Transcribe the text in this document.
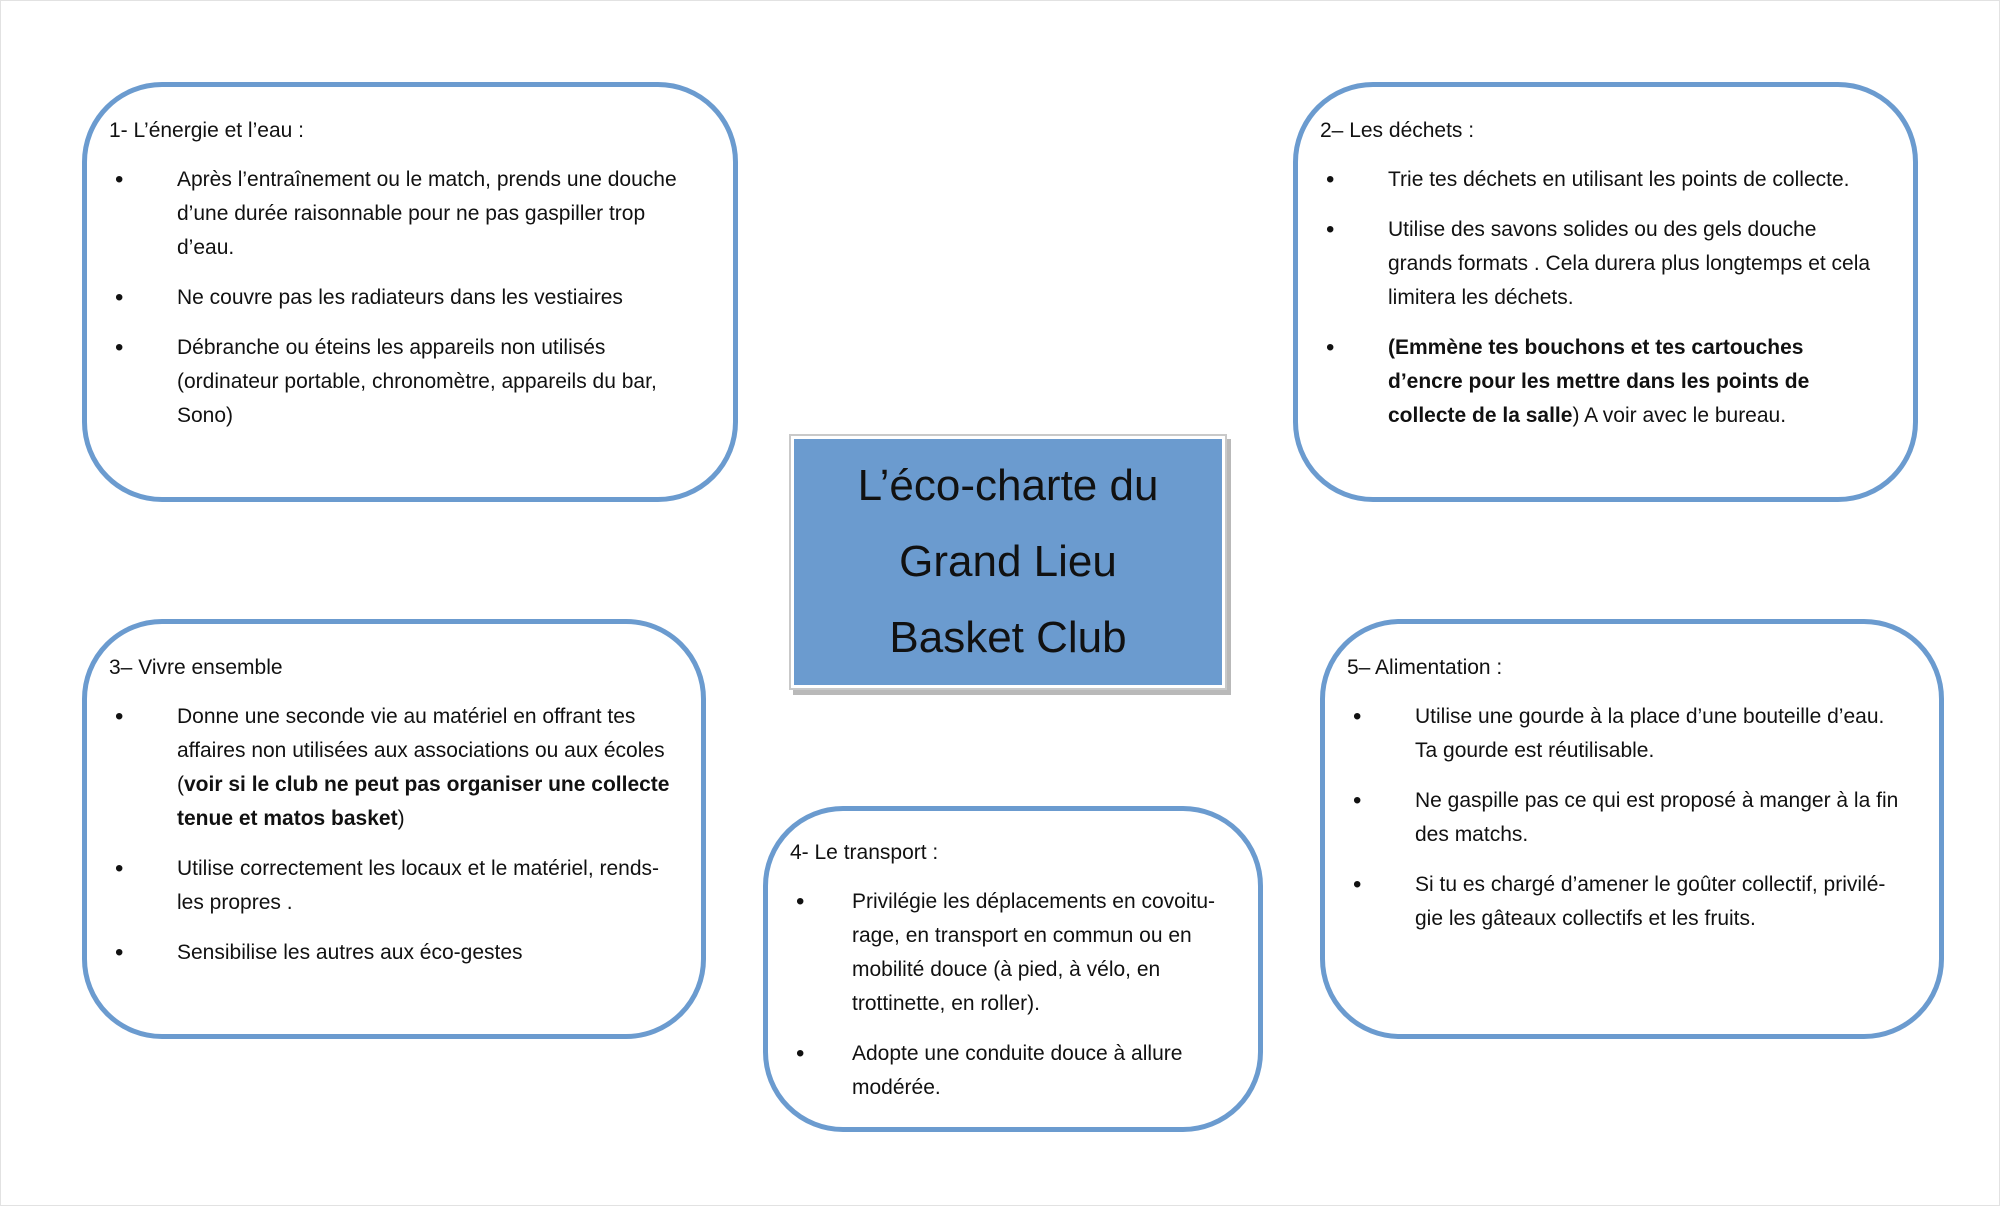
1- L’énergie et l’eau :

•	Après l’entraînement ou le match, prends une douche d’une durée raisonnable pour ne pas gaspiller trop d’eau.
•	Ne couvre pas les radiateurs dans les vestiaires
•	Débranche ou éteins les appareils non utilisés (ordinateur portable, chronomètre, appareils du bar, Sono)

2– Les déchets :

•	Trie tes déchets en utilisant les points de collecte.
•	Utilise des savons solides ou des gels douche grands formats . Cela durera plus longtemps et cela limitera les déchets.
•	(Emmène tes bouchons et tes cartouches d’encre pour les mettre dans les points de collecte de la salle) A voir avec le bureau.
L’éco-charte du
Grand Lieu
Basket Club

3– Vivre ensemble

•	Donne une seconde vie au matériel en offrant tes affaires non utilisées aux associations ou aux écoles (voir si le club ne peut pas organiser une collecte tenue et matos basket)
•	Utilise correctement les locaux et le matériel, rends-les propres .
•	Sensibilise les autres aux éco-gestes

4- Le transport :

• Privilégie les déplacements en covoitu-rage, en transport en commun ou en mobilité douce (à pied, à vélo, en trottinette, en roller).
• Adopte une conduite douce à allure modérée.

5– Alimentation :

•	Utilise une gourde à la place d’une bouteille d’eau. Ta gourde est réutilisable.
•	Ne gaspille pas ce qui est proposé à manger à la fin des matchs.
•	Si tu es chargé d’amener le goûter collectif, privilé-gie les gâteaux collectifs et les fruits.
